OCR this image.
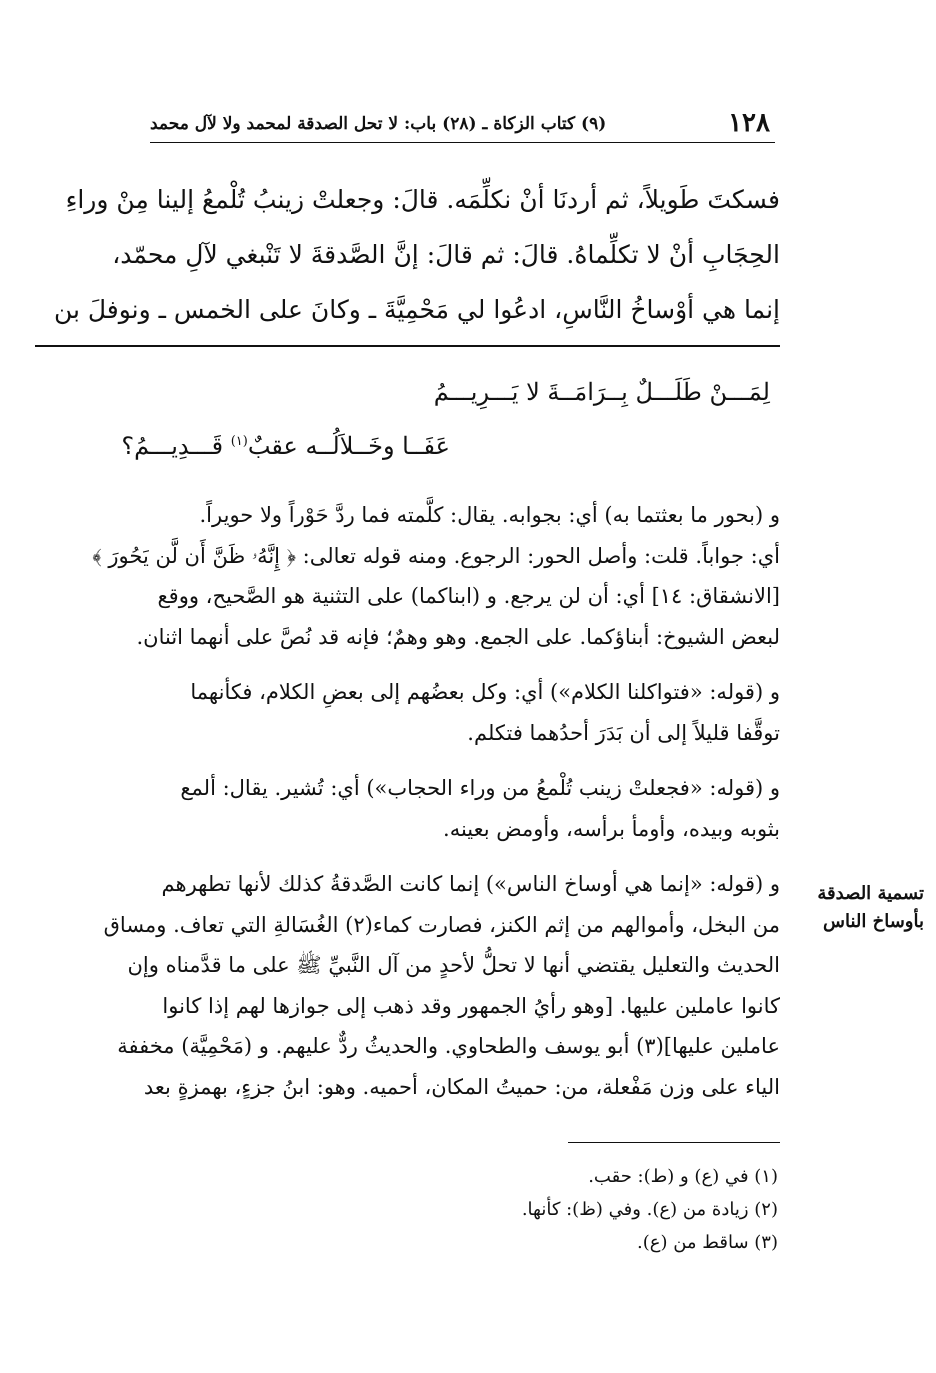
١٢٨
(٩) كتاب الزكاة ـ (٢٨) باب: لا تحل الصدقة لمحمد ولا لآل محمد

فسكتَ طَويلاً، ثم أردنَا أنْ نكلِّمَه. قالَ: وجعلتْ زينبُ تُلْمعُ إلينا مِنْ وراءِ

الحِجَابِ أنْ لا تكلِّماهُ. قالَ: ثم قالَ: إنَّ الصَّدقةَ لا تَنْبغي لآلِ محمّد،

إنما هي أوْساخُ النَّاسِ، ادعُوا لي مَحْمِيَّةَ ـ وكانَ على الخمس ـ ونوفلَ بن

لِمَـــنْ طَلَـــلٌ بِــرَامَــةَ لا يَـــرِيـــمُ
عَفَــا وخَــلاَلُــه عقبٌ$^{(١)}$ قَـــدِيـــمُ؟
و (بحور ما بعثتما به) أي: بجوابه. يقال: كلَّمته فما ردَّ حَوْراً ولا حويراً.
أي: جواباً. قلت: وأصل الحور: الرجوع. ومنه قوله تعالى: ﴿ إِنَّهُۥ ظَنَّ أَن لَّن يَحُورَ ﴾
[الانشقاق: ١٤] أي: أن لن يرجع. و (ابناكما) على التثنية هو الصَّحيح، ووقع
لبعض الشيوخ: أبناؤكما. على الجمع. وهو وهمٌ؛ فإنه قد نُصَّ على أنهما اثنان.
و (قوله: «فتواكلنا الكلام») أي: وكل بعضُهم إلى بعضِ الكلام، فكأنهما
توقَّفا قليلاً إلى أن بَدَرَ أحدُهما فتكلم.
و (قوله: «فجعلتْ زينب تُلْمعُ من وراء الحجاب») أي: تُشير. يقال: ألمع
بثوبه وبيده، وأومأ برأسه، وأومض بعينه.
و (قوله: «إنما هي أوساخ الناس») إنما كانت الصَّدقةُ كذلك لأنها تطهرهم
من البخل، وأموالهم من إثم الكنز، فصارت كماء(٢) الغُسَالةِ التي تعاف. ومساق
الحديث والتعليل يقتضي أنها لا تحلُّ لأحدٍ من آل النَّبيِّ ﷺ على ما قدَّمناه وإن
كانوا عاملين عليها. [وهو رأيُ الجمهور وقد ذهب إلى جوازها لهم إذا كانوا
عاملين عليها](٣) أبو يوسف والطحاوي. والحديثُ ردٌّ عليهم. و (مَحْمِيَّة) مخففة
الياء على وزن مَفْعلة، من: حميتُ المكان، أحميه. وهو: ابنُ جزءٍ، بهمزةٍ بعد
تسمية الصدقة بأوساخ الناس
(١) في (ع) و (ط): حقب.
(٢) زيادة من (ع). وفي (ظ): كأنها.
(٣) ساقط من (ع).
